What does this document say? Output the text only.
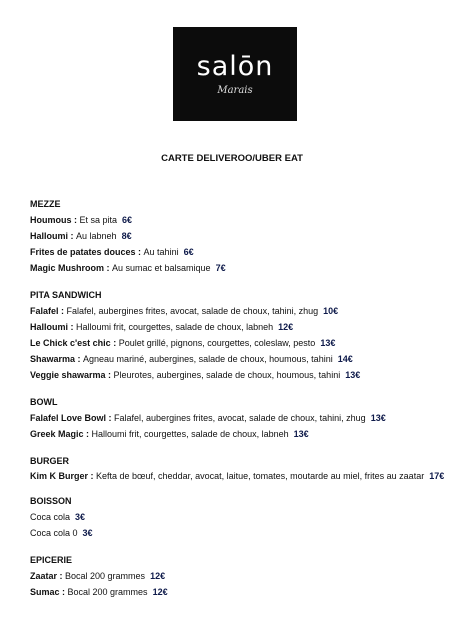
salōn
Marais
CARTE DELIVEROO/UBER EAT
MEZZE
Houmous : Et sa pita 6€
Halloumi : Au labneh 8€
Frites de patates douces : Au tahini 6€
Magic Mushroom : Au sumac et balsamique 7€
PITA SANDWICH
Falafel : Falafel, aubergines frites, avocat, salade de choux, tahini, zhug 10€
Halloumi : Halloumi frit, courgettes, salade de choux, labneh 12€
Le Chick c'est chic : Poulet grillé, pignons, courgettes, coleslaw, pesto 13€
Shawarma : Agneau mariné, aubergines, salade de choux, houmous, tahini 14€
Veggie shawarma : Pleurotes, aubergines, salade de choux, houmous, tahini 13€
BOWL
Falafel Love Bowl : Falafel, aubergines frites, avocat, salade de choux, tahini, zhug 13€
Greek Magic : Halloumi frit, courgettes, salade de choux, labneh 13€
BURGER
Kim K Burger : Kefta de bœuf, cheddar, avocat, laitue, tomates, moutarde au miel, frites au zaatar 17€
BOISSON
Coca cola 3€
Coca cola 0 3€
EPICERIE
Zaatar : Bocal 200 grammes 12€
Sumac : Bocal 200 grammes 12€
